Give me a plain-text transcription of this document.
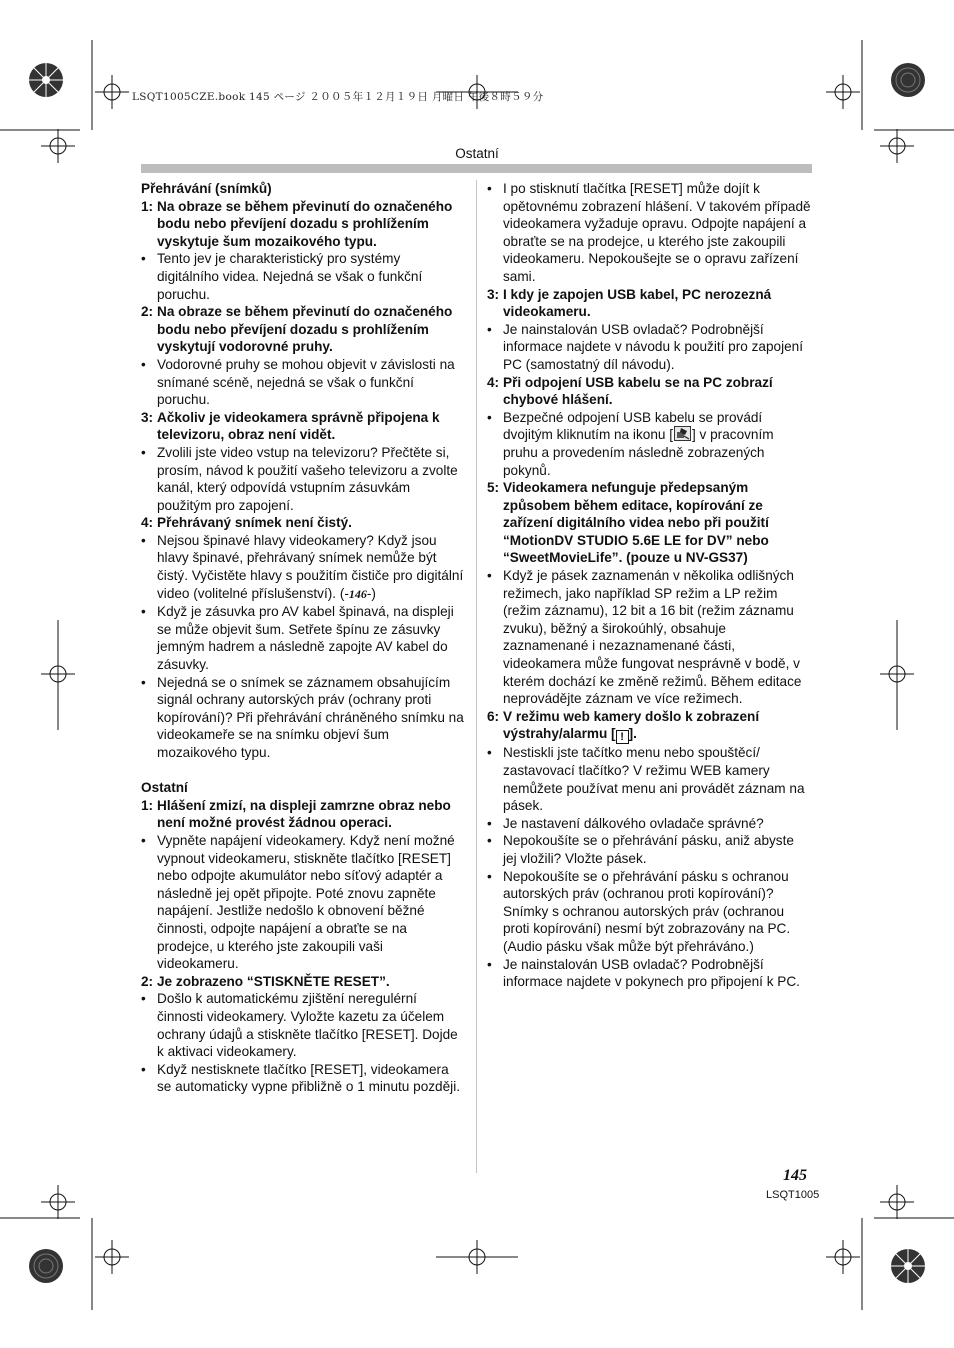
LSQT1005CZE.book 145 ページ ２００５年１２月１９日 月曜日 午後８時５９分
Ostatní

Přehrávání (snímků)

1: Na obraze se během převinutí do označeného bodu nebo převíjení dozadu s prohlížením vyskytuje šum mozaikového typu.
• Tento jev je charakteristický pro systémy digitálního videa. Nejedná se však o funkční poruchu.
2: Na obraze se během převinutí do označeného bodu nebo převíjení dozadu s prohlížením vyskytují vodorovné pruhy.
• Vodorovné pruhy se mohou objevit v závislosti na snímané scéně, nejedná se však o funkční poruchu.
3: Ačkoliv je videokamera správně připojena k televizoru, obraz není vidět.
• Zvolili jste video vstup na televizoru? Přečtěte si, prosím, návod k použití vašeho televizoru a zvolte kanál, který odpovídá vstupním zásuvkám použitým pro zapojení.
4: Přehrávaný snímek není čistý.
• Nejsou špinavé hlavy videokamery? Když jsou hlavy špinavé, přehrávaný snímek nemůže být čistý. Vyčistěte hlavy s použitím čističe pro digitální video (volitelné příslušenství). (-146-)
• Když je zásuvka pro AV kabel špinavá, na displeji se může objevit šum. Setřete špínu ze zásuvky jemným hadrem a následně zapojte AV kabel do zásuvky.
• Nejedná se o snímek se záznamem obsahujícím signál ochrany autorských práv (ochrany proti kopírování)? Při přehrávání chráněného snímku na videokameře se na snímku objeví šum mozaikového typu.

Ostatní

1: Hlášení zmizí, na displeji zamrzne obraz nebo není možné provést žádnou operaci.
• Vypněte napájení videokamery. Když není možné vypnout videokameru, stiskněte tlačítko [RESET] nebo odpojte akumulátor nebo síťový adaptér a následně jej opět připojte. Poté znovu zapněte napájení. Jestliže nedošlo k obnovení běžné činnosti, odpojte napájení a obraťte se na prodejce, u kterého jste zakoupili vaši videokameru.
2: Je zobrazeno “STISKNĚTE RESET”.
• Došlo k automatickému zjištění neregulérní činnosti videokamery. Vyložte kazetu za účelem ochrany údajů a stiskněte tlačítko [RESET]. Dojde k aktivaci videokamery.
• Když nestisknete tlačítko [RESET], videokamera se automaticky vypne přibližně o 1 minutu později.
• I po stisknutí tlačítka [RESET] může dojít k opětovnému zobrazení hlášení. V takovém případě videokamera vyžaduje opravu. Odpojte napájení a obraťte se na prodejce, u kterého jste zakoupili videokameru. Nepokoušejte se o opravu zařízení sami.
3: I kdy je zapojen USB kabel, PC nerozezná videokameru.
• Je nainstalován USB ovladač? Podrobnější informace najdete v návodu k použití pro zapojení PC (samostatný díl návodu).
4: Při odpojení USB kabelu se na PC zobrazí chybové hlášení.
• Bezpečné odpojení USB kabelu se provádí dvojitým kliknutím na ikonu [ ] v pracovním pruhu a provedením následně zobrazených pokynů.
5: Videokamera nefunguje předepsaným způsobem během editace, kopírování ze zařízení digitálního videa nebo při použití “MotionDV STUDIO 5.6E LE for DV” nebo “SweetMovieLife”. (pouze u NV-GS37)
• Když je pásek zaznamenán v několika odlišných režimech, jako například SP režim a LP režim (režim záznamu), 12 bit a 16 bit (režim záznamu zvuku), běžný a širokoúhlý, obsahuje zaznamenané i nezaznamenané části, videokamera může fungovat nesprávně v bodě, v kterém dochází ke změně režimů. Během editace neprovádějte záznam ve více režimech.
6: V režimu web kamery došlo k zobrazení výstrahy/alarmu [ ! ].
• Nestiskli jste tačítko menu nebo spouštěcí/ zastavovací tlačítko? V režimu WEB kamery nemůžete používat menu ani provádět záznam na pásek.
• Je nastavení dálkového ovladače správné?
• Nepokoušíte se o přehrávání pásku, aniž abyste jej vložili? Vložte pásek.
• Nepokoušíte se o přehrávání pásku s ochranou autorských práv (ochranou proti kopírování)? Snímky s ochranou autorských práv (ochranou proti kopírování) nesmí být zobrazovány na PC. (Audio pásku však může být přehráváno.)
• Je nainstalován USB ovladač? Podrobnější informace najdete v pokynech pro připojení k PC.
145
LSQT1005
